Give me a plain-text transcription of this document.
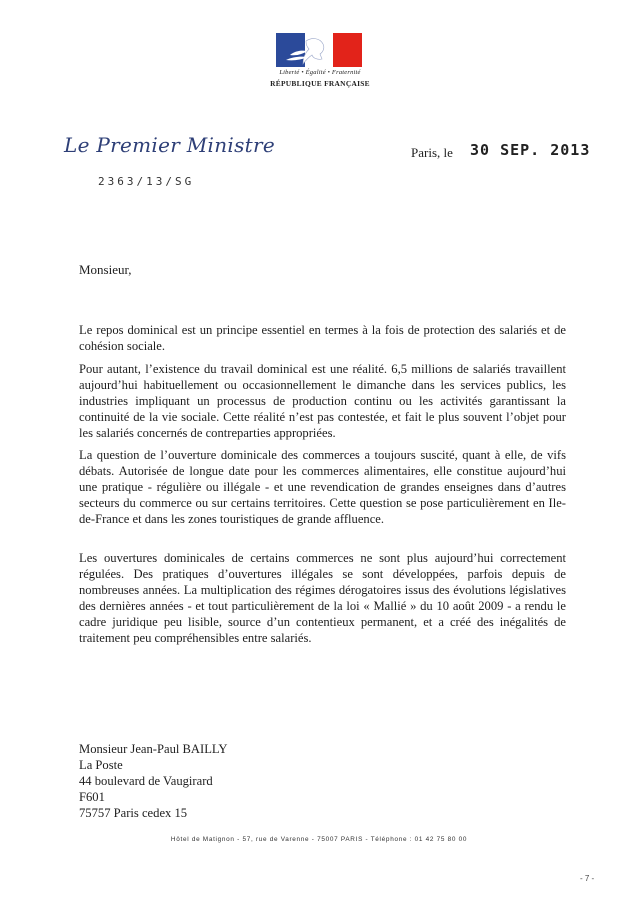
Liberté • Égalité • Fraternité
RÉPUBLIQUE FRANÇAISE
Le Premier Ministre
2363/13/SG
Paris, le 30 SEP. 2013
Monsieur,

Le repos dominical est un principe essentiel en termes à la fois de protection des salariés et de cohésion sociale.

Pour autant, l’existence du travail dominical est une réalité. 6,5 millions de salariés travaillent aujourd’hui habituellement ou occasionnellement le dimanche dans les services publics, les industries impliquant un processus de production continu ou les activités garantissant la continuité de la vie sociale. Cette réalité n’est pas contestée, et fait le plus souvent l’objet pour les salariés concernés de contreparties appropriées.

La question de l’ouverture dominicale des commerces a toujours suscité, quant à elle, de vifs débats. Autorisée de longue date pour les commerces alimentaires, elle constitue aujourd’hui une pratique - régulière ou illégale - et une revendication de grandes enseignes dans d’autres secteurs du commerce ou sur certains territoires. Cette question se pose particulièrement en Ile-de-France et dans les zones touristiques de grande affluence.

Les ouvertures dominicales de certains commerces ne sont plus aujourd’hui correctement régulées. Des pratiques d’ouvertures illégales se sont développées, parfois depuis de nombreuses années. La multiplication des régimes dérogatoires issus des évolutions législatives des dernières années - et tout particulièrement de la loi « Mallié » du 10 août 2009 - a rendu le cadre juridique peu lisible, source d’un contentieux permanent, et a créé des inégalités de traitement peu compréhensibles entre salariés.

Monsieur Jean-Paul BAILLY
La Poste
44 boulevard de Vaugirard
F601
75757 Paris cedex 15
Hôtel de Matignon - 57, rue de Varenne - 75007 PARIS - Téléphone : 01 42 75 80 00
- 7 -
